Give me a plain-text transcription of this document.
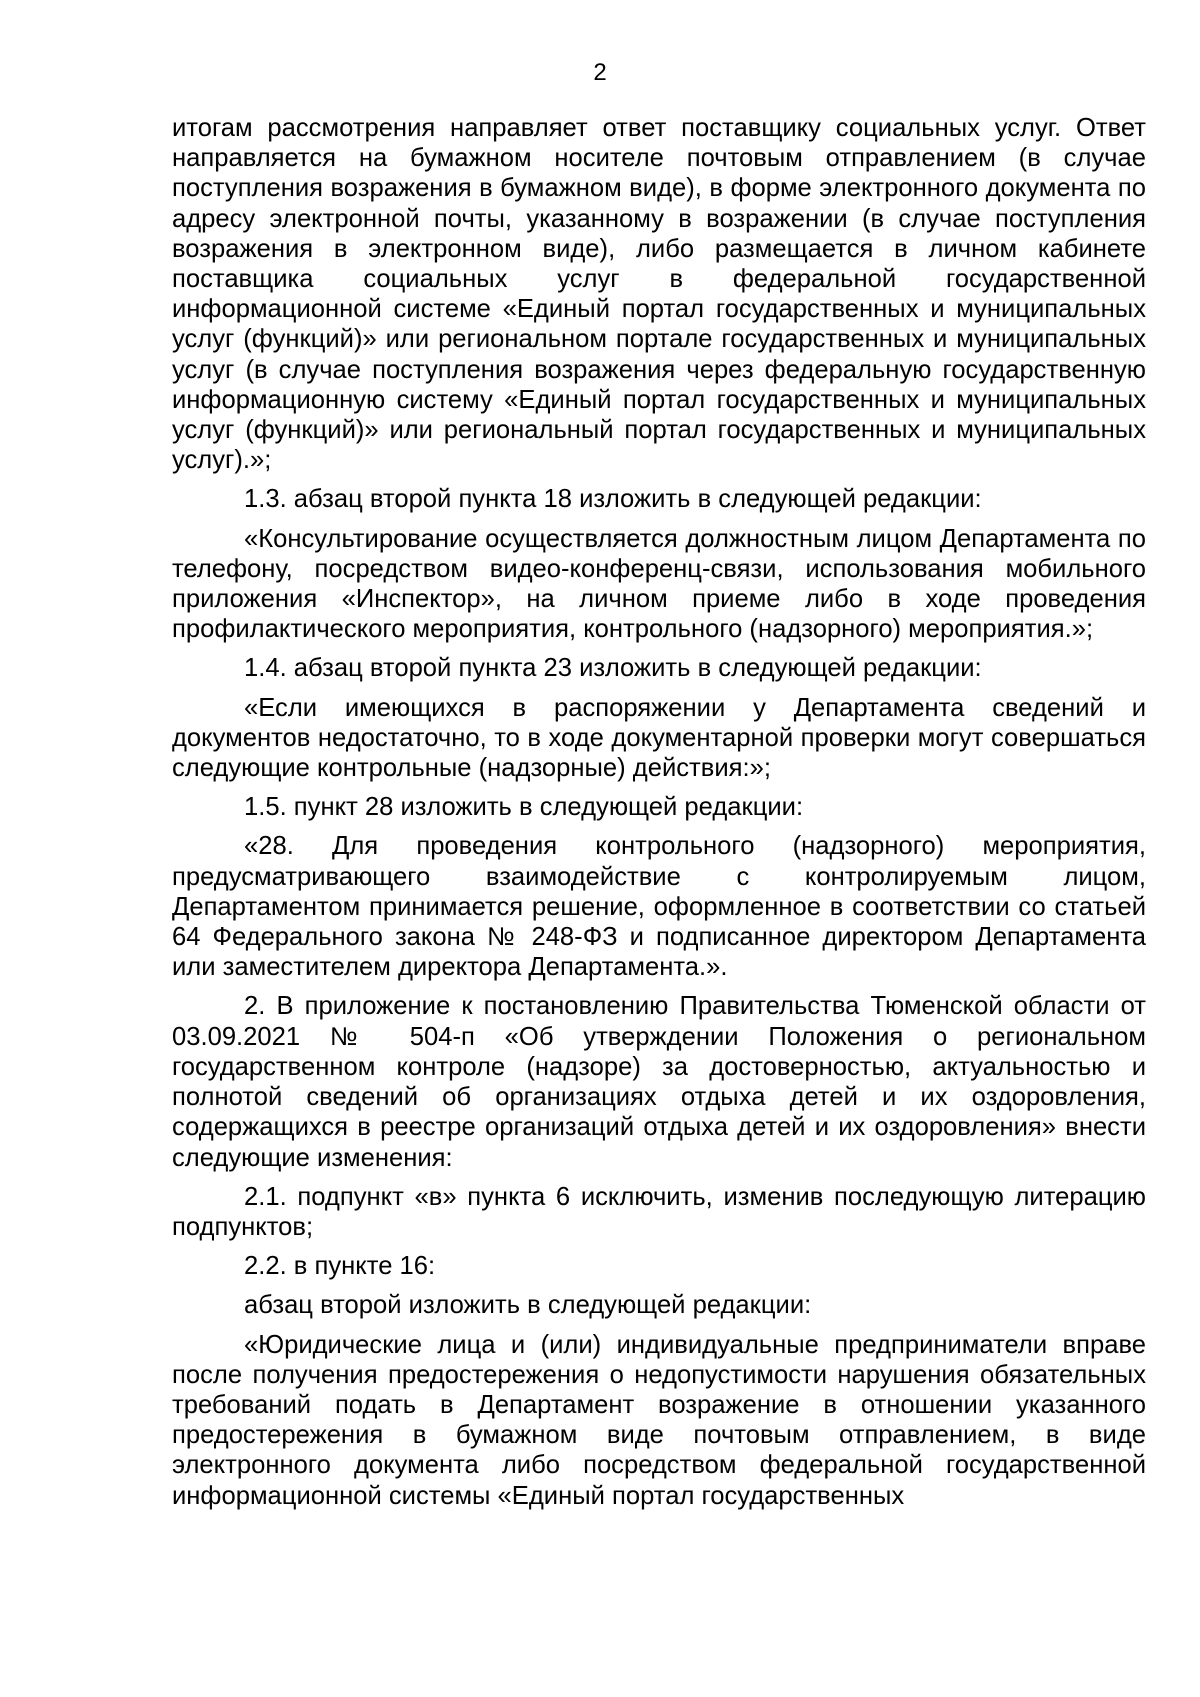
2

итогам рассмотрения направляет ответ поставщику социальных услуг. Ответ направляется на бумажном носителе почтовым отправлением (в случае поступления возражения в бумажном виде), в форме электронного документа по адресу электронной почты, указанному в возражении (в случае поступления возражения в электронном виде), либо размещается в личном кабинете поставщика социальных услуг в федеральной государственной информационной системе «Единый портал государственных и муниципальных услуг (функций)» или региональном портале государственных и муниципальных услуг (в случае поступления возражения через федеральную государственную информационную систему «Единый портал государственных и муниципальных услуг (функций)» или региональный портал государственных и муниципальных услуг).»;

1.3. абзац второй пункта 18 изложить в следующей редакции:

«Консультирование осуществляется должностным лицом Департамента по телефону, посредством видео-конференц-связи, использования мобильного приложения «Инспектор», на личном приеме либо в ходе проведения профилактического мероприятия, контрольного (надзорного) мероприятия.»;

1.4. абзац второй пункта 23 изложить в следующей редакции:

«Если имеющихся в распоряжении у Департамента сведений и документов недостаточно, то в ходе документарной проверки могут совершаться следующие контрольные (надзорные) действия:»;

1.5. пункт 28 изложить в следующей редакции:

«28. Для проведения контрольного (надзорного) мероприятия, предусматривающего взаимодействие с контролируемым лицом, Департаментом принимается решение, оформленное в соответствии со статьей 64 Федерального закона № 248-ФЗ и подписанное директором Департамента или заместителем директора Департамента.».

2. В приложение к постановлению Правительства Тюменской области от 03.09.2021 № 504-п «Об утверждении Положения о региональном государственном контроле (надзоре) за достоверностью, актуальностью и полнотой сведений об организациях отдыха детей и их оздоровления, содержащихся в реестре организаций отдыха детей и их оздоровления» внести следующие изменения:

2.1. подпункт «в» пункта 6 исключить, изменив последующую литерацию подпунктов;

2.2. в пункте 16:

абзац второй изложить в следующей редакции:

«Юридические лица и (или) индивидуальные предприниматели вправе после получения предостережения о недопустимости нарушения обязательных требований подать в Департамент возражение в отношении указанного предостережения в бумажном виде почтовым отправлением, в виде электронного документа либо посредством федеральной государственной информационной системы «Единый портал государственных
